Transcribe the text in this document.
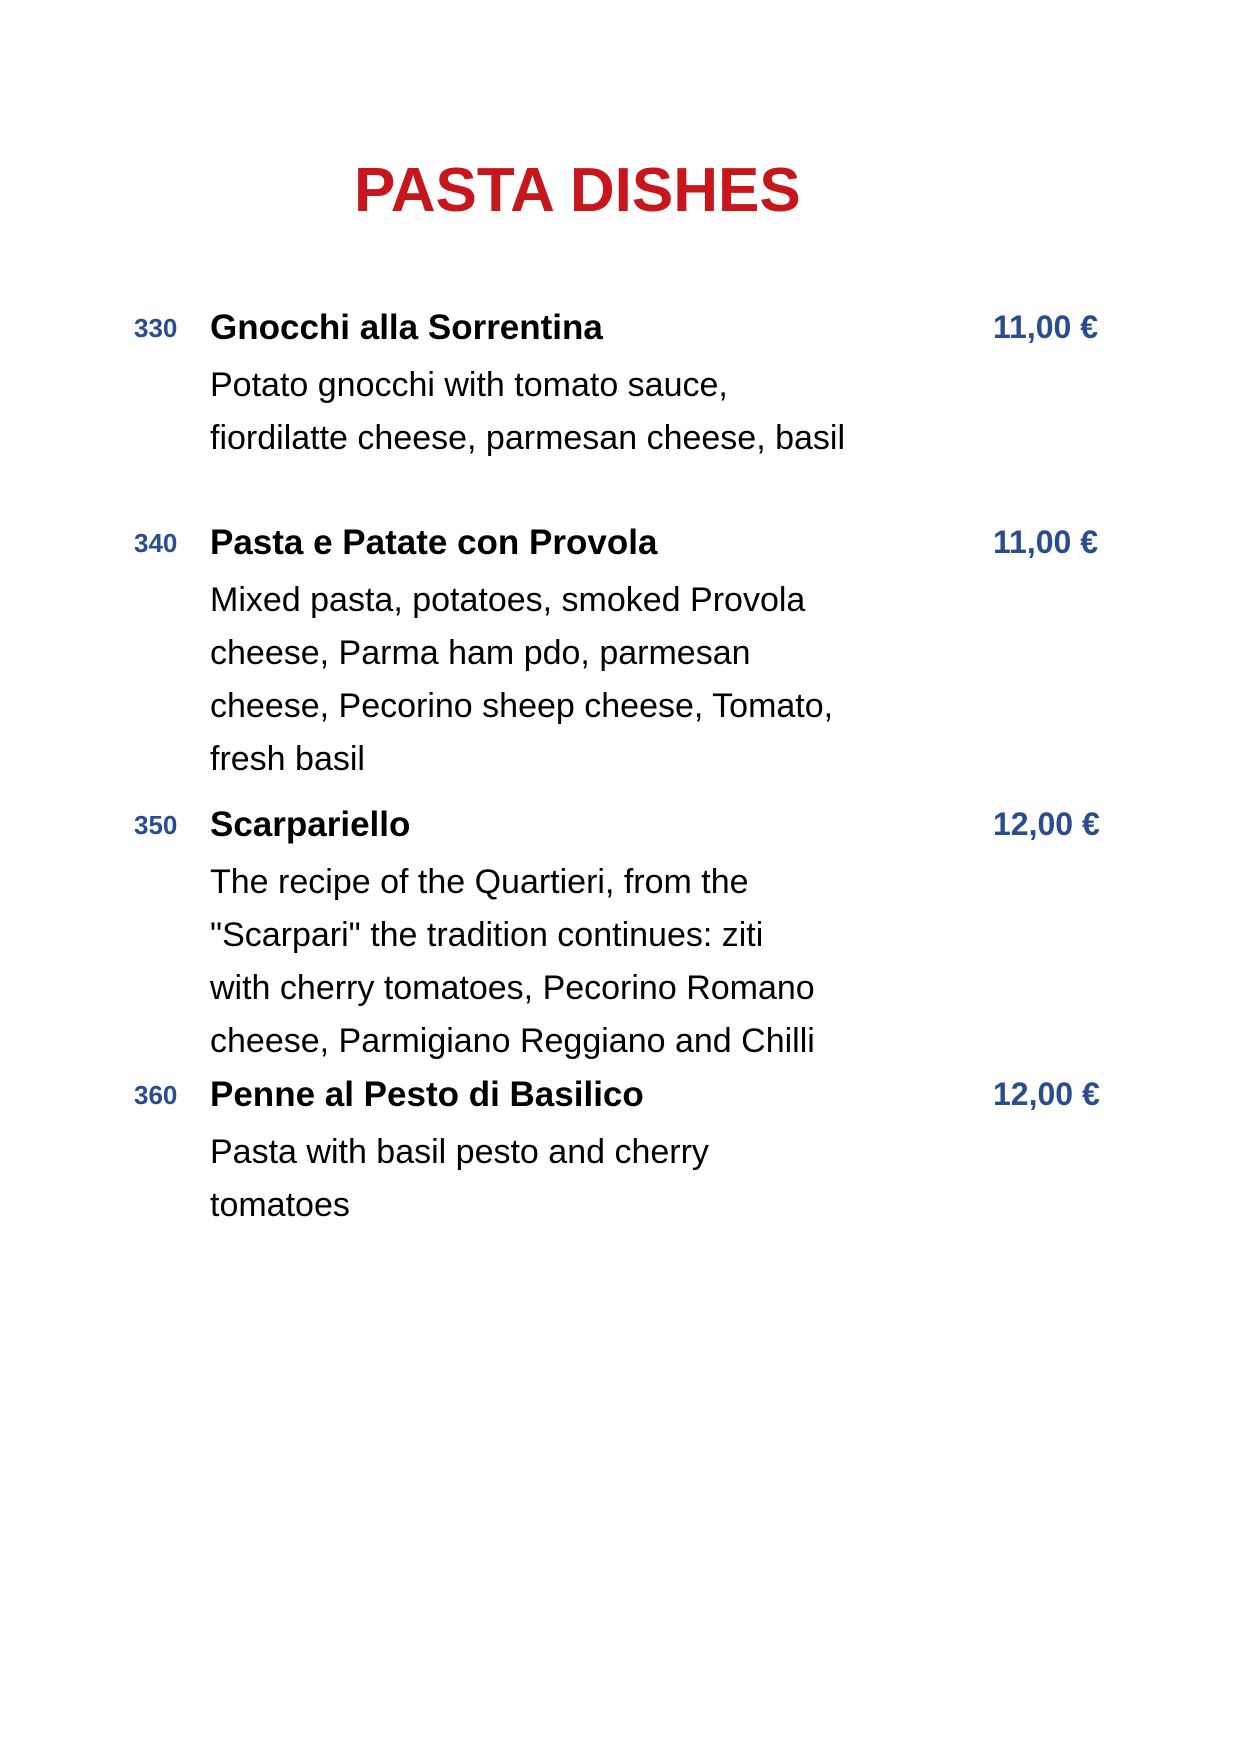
PASTA DISHES
330 Gnocchi alla Sorrentina	11,00 €
Potato gnocchi with tomato sauce,
fiordilatte cheese, parmesan cheese, basil
340 Pasta e Patate con Provola	11,00 €
Mixed pasta, potatoes, smoked Provola
cheese, Parma ham pdo, parmesan
cheese, Pecorino sheep cheese, Tomato,
fresh basil
350 Scarpariello	12,00 €
The recipe of the Quartieri, from the
"Scarpari" the tradition continues: ziti
with cherry tomatoes, Pecorino Romano
cheese, Parmigiano Reggiano and Chilli
360 Penne al Pesto di Basilico	12,00 €
Pasta with basil pesto and cherry
tomatoes
